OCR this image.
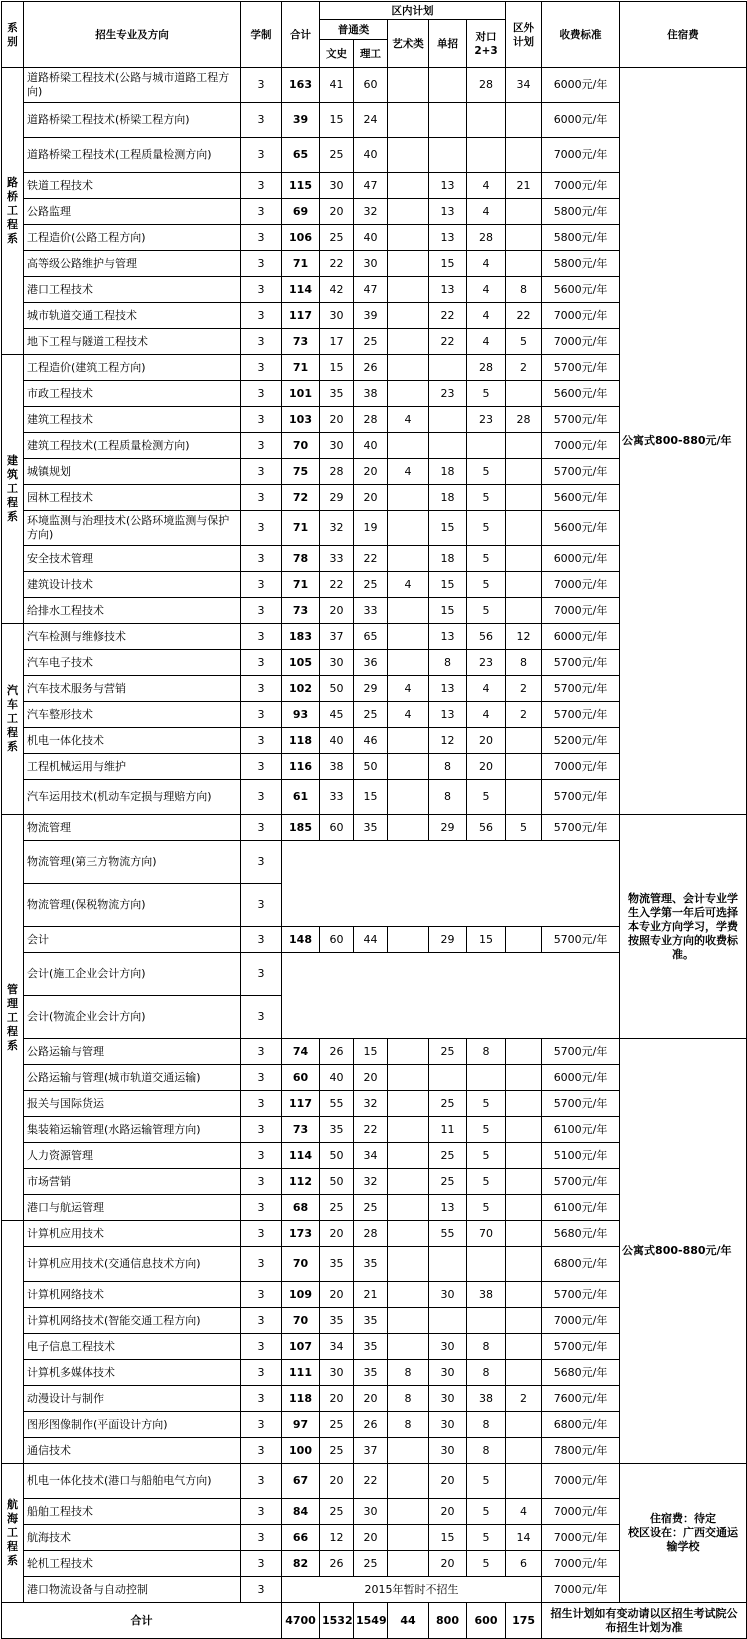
系别	招生专业及方向	学制	合计	区内计划					区外
计划	收费标准	住宿费	
				普通类		艺术类	单招	对口
2+3				
				文史	理工							

路桥工程系	道路桥梁工程技术(公路与城市道路工程方向)	3	163	41	60			28	34	6000元/年	公寓式800-880元/年	
	道路桥梁工程技术(桥梁工程方向)	3	39	15	24					6000元/年		
	道路桥梁工程技术(工程质量检测方向)	3	65	25	40					7000元/年		
	铁道工程技术	3	115	30	47		13	4	21	7000元/年		
	公路监理	3	69	20	32		13	4		5800元/年		
	工程造价(公路工程方向)	3	106	25	40		13	28		5800元/年		
	高等级公路维护与管理	3	71	22	30		15	4		5800元/年		
	港口工程技术	3	114	42	47		13	4	8	5600元/年		
	城市轨道交通工程技术	3	117	30	39		22	4	22	7000元/年		
	地下工程与隧道工程技术	3	73	17	25		22	4	5	7000元/年		

建筑工程系	工程造价(建筑工程方向)	3	71	15	26			28	2	5700元/年		
	市政工程技术	3	101	35	38		23	5		5600元/年		
	建筑工程技术	3	103	20	28	4		23	28	5700元/年		
	建筑工程技术(工程质量检测方向)	3	70	30	40					7000元/年		
	城镇规划	3	75	28	20	4	18	5		5700元/年		
	园林工程技术	3	72	29	20		18	5		5600元/年		
	环境监测与治理技术(公路环境监测与保护方向)	3	71	32	19		15	5		5600元/年		
	安全技术管理	3	78	33	22		18	5		6000元/年		
	建筑设计技术	3	71	22	25	4	15	5		7000元/年		
	给排水工程技术	3	73	20	33		15	5		7000元/年		

汽车工程系	汽车检测与维修技术	3	183	37	65		13	56	12	6000元/年		
	汽车电子技术	3	105	30	36		8	23	8	5700元/年		
	汽车技术服务与营销	3	102	50	29	4	13	4	2	5700元/年		
	汽车整形技术	3	93	45	25	4	13	4	2	5700元/年		
	机电一体化技术	3	118	40	46		12	20		5200元/年		
	工程机械运用与维护	3	116	38	50		8	20		7000元/年		
	汽车运用技术(机动车定损与理赔方向)	3	61	33	15		8	5		5700元/年		

管理工程系	物流管理	3	185	60	35		29	56	5	5700元/年	物流管理、会计专业学生入学第一年后可选择本专业方向学习，学费按照专业方向的收费标准。	
	物流管理(第三方物流方向)	3		
	物流管理(保税物流方向)	3	
	会计	3	148	60	44		29	15		5700元/年		
	会计(施工企业会计方向)	3		
	会计(物流企业会计方向)	3	
	公路运输与管理	3	74	26	15		25	8		5700元/年	公寓式800-880元/年	
	公路运输与管理(城市轨道交通运输)	3	60	40	20					6000元/年		
	报关与国际货运	3	117	55	32		25	5		5700元/年		
	集装箱运输管理(水路运输管理方向)	3	73	35	22		11	5		6100元/年		
	人力资源管理	3	114	50	34		25	5		5100元/年		
	市场营销	3	112	50	32		25	5		5700元/年		
	港口与航运管理	3	68	25	25		13	5		6100元/年		

	计算机应用技术	3	173	20	28		55	70		5680元/年		
	计算机应用技术(交通信息技术方向)	3	70	35	35					6800元/年		
	计算机网络技术	3	109	20	21		30	38		5700元/年		
	计算机网络技术(智能交通工程方向)	3	70	35	35					7000元/年		
	电子信息工程技术	3	107	34	35		30	8		5700元/年		
	计算机多媒体技术	3	111	30	35	8	30	8		5680元/年		
	动漫设计与制作	3	118	20	20	8	30	38	2	7600元/年		
	图形图像制作(平面设计方向)	3	97	25	26	8	30	8		6800元/年		
	通信技术	3	100	25	37		30	8		7800元/年		

航海工程系	机电一体化技术(港口与船舶电气方向)	3	67	20	22		20	5		7000元/年	住宿费：待定
校区设在：广西交通运输学校	
	船舶工程技术	3	84	25	30		20	5	4	7000元/年		
	航海技术	3	66	12	20		15	5	14	7000元/年		
	轮机工程技术	3	82	26	25		20	5	6	7000元/年		
	港口物流设备与自动控制	3	2015年暂时不招生							7000元/年		
合计			4700	1532	1549	44	800	600	175	招生计划如有变动请以区招生考试院公布招生计划为准		
